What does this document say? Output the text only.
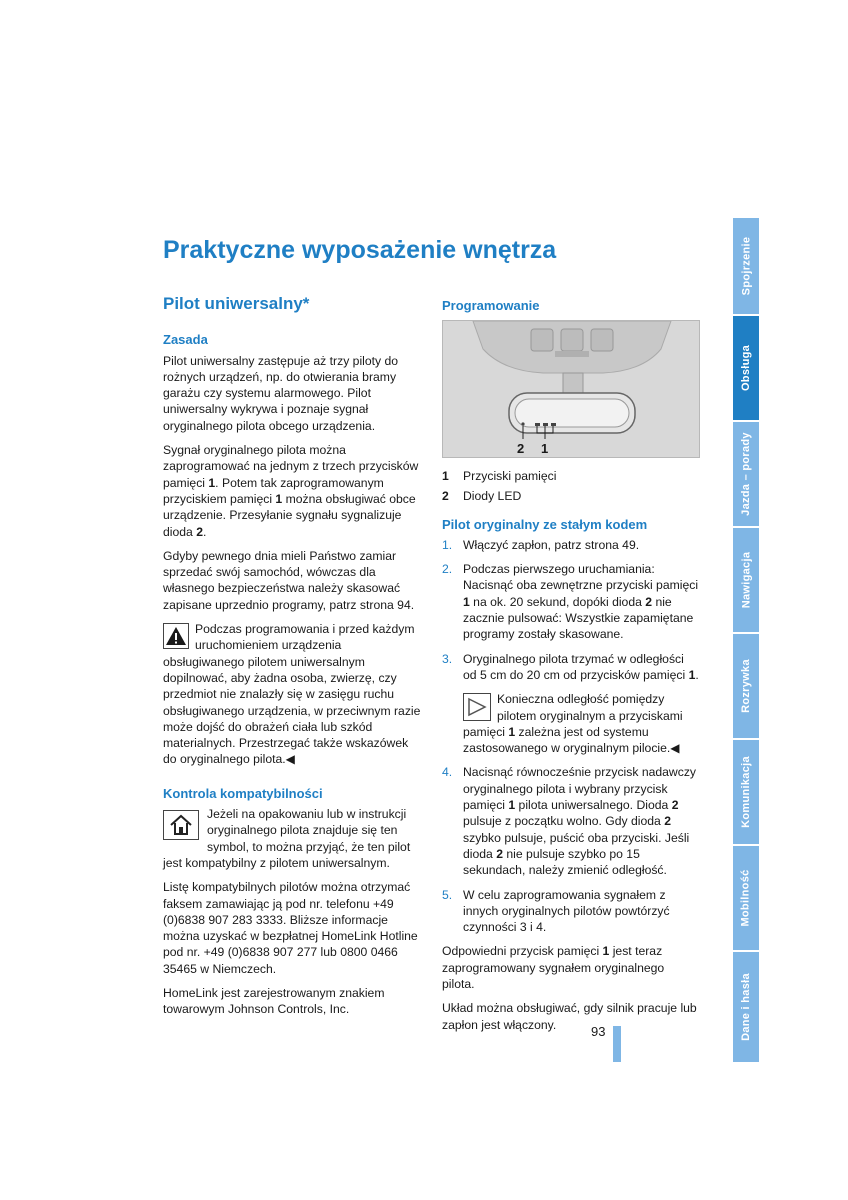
Praktyczne wyposażenie wnętrza
Pilot uniwersalny*
Zasada

Pilot uniwersalny zastępuje aż trzy piloty do rożnych urządzeń, np. do otwierania bramy garażu czy systemu alarmowego. Pilot uniwersalny wykrywa i poznaje sygnał oryginalnego pilota obcego urządzenia.

Sygnał oryginalnego pilota można zaprogramować na jednym z trzech przycisków pamięci 1. Potem tak zaprogramowanym przyciskiem pamięci 1 można obsługiwać obce urządzenie. Przesyłanie sygnału sygnalizuje dioda 2.

Gdyby pewnego dnia mieli Państwo zamiar sprzedać swój samochód, wówczas dla własnego bezpieczeństwa należy skasować zapisane uprzednio programy, patrz strona 94.

Podczas programowania i przed każdym uruchomieniem urządzenia obsługiwanego pilotem uniwersalnym dopilnować, aby żadna osoba, zwierzę, czy przedmiot nie znalazły się w zasięgu ruchu obsługiwanego urządzenia, w przeciwnym razie może dojść do obrażeń ciała lub szkód materialnych. Przestrzegać także wskazówek do oryginalnego pilota.◀
Kontrola kompatybilności
Jeżeli na opakowaniu lub w instrukcji oryginalnego pilota znajduje się ten symbol, to można przyjąć, że ten pilot jest kompatybilny z pilotem uniwersalnym.

Listę kompatybilnych pilotów można otrzymać faksem zamawiając ją pod nr. telefonu +49 (0)6838 907 283 3333. Bliższe informacje można uzyskać w bezpłatnej HomeLink Hotline pod nr. +49 (0)6838 907 277 lub 0800 0466 35465 w Niemczech.

HomeLink jest zarejestrowanym znakiem towarowym Johnson Controls, Inc.

Programowanie
2 1
1 Przyciski pamięci
2 Diody LED
Pilot oryginalny ze stałym kodem
1. Włączyć zapłon, patrz strona 49.
2. Podczas pierwszego uruchamiania: Nacisnąć oba zewnętrzne przyciski pamięci 1 na ok. 20 sekund, dopóki dioda 2 nie zacznie pulsować: Wszystkie zapamiętane programy zostały skasowane.
3. Oryginalnego pilota trzymać w odległości od 5 cm do 20 cm od przycisków pamięci 1.
Konieczna odległość pomiędzy pilotem oryginalnym a przyciskami pamięci 1 zależna jest od systemu zastosowanego w oryginalnym pilocie.◀
4. Nacisnąć równocześnie przycisk nadawczy oryginalnego pilota i wybrany przycisk pamięci 1 pilota uniwersalnego. Dioda 2 pulsuje z początku wolno. Gdy dioda 2 szybko pulsuje, puścić oba przyciski. Jeśli dioda 2 nie pulsuje szybko po 15 sekundach, należy zmienić odległość.
5. W celu zaprogramowania sygnałem z innych oryginalnych pilotów powtórzyć czynności 3 i 4.

Odpowiedni przycisk pamięci 1 jest teraz zaprogramowany sygnałem oryginalnego pilota.

Układ można obsługiwać, gdy silnik pracuje lub zapłon jest włączony.

Spojrzenie
Obsługa
Jazda – porady
Nawigacja
Rozrywka
Komunikacja
Mobilność
Dane i hasła
93
